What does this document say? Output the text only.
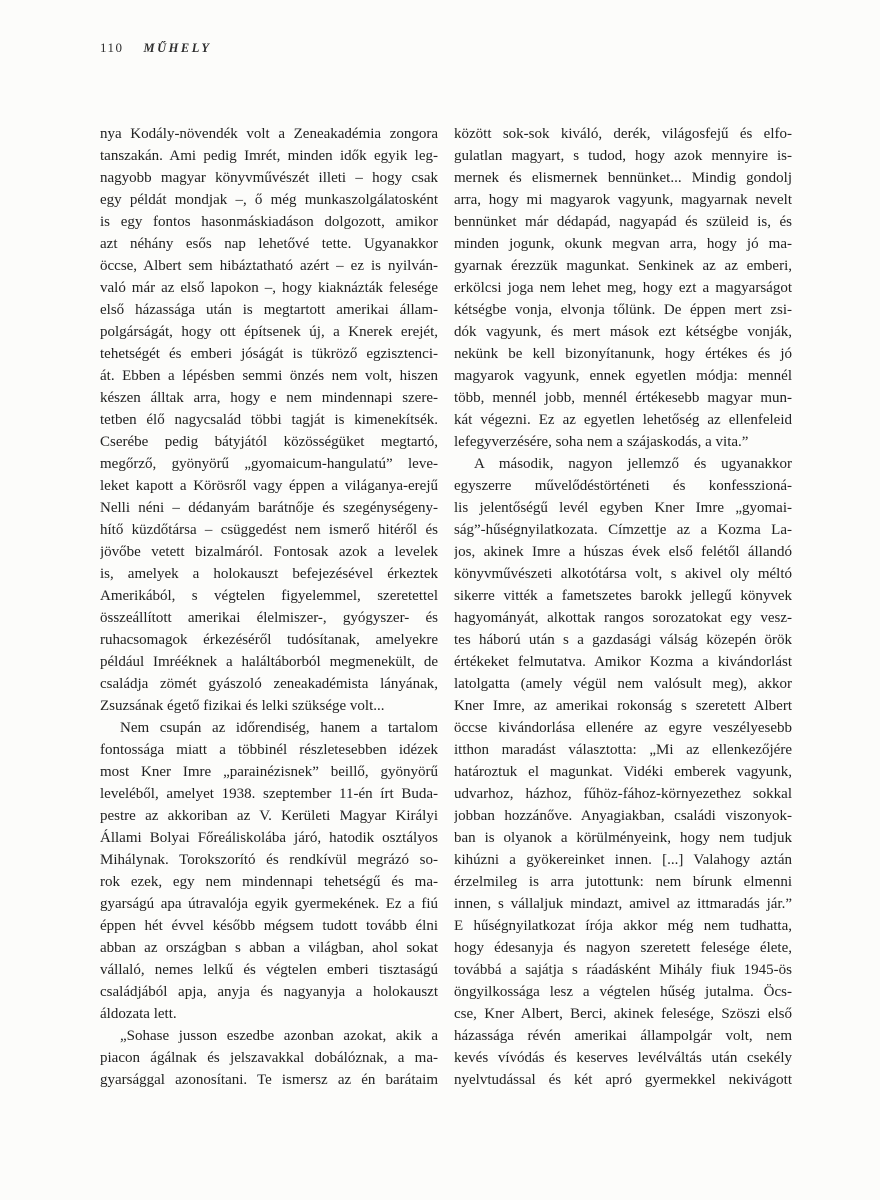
110 MŰHELY
nya Kodály-növendék volt a Zeneakadémia zongora
tanszakán. Ami pedig Imrét, minden idők egyik leg-
nagyobb magyar könyvművészét illeti – hogy csak
egy példát mondjak –, ő még munkaszolgálatosként
is egy fontos hasonmáskiadáson dolgozott, amikor
azt néhány esős nap lehetővé tette. Ugyanakkor
öccse, Albert sem hibáztatható azért – ez is nyilván-
való már az első lapokon –, hogy kiaknázták felesége
első házassága után is megtartott amerikai állam-
polgárságát, hogy ott építsenek új, a Knerek erejét,
tehetségét és emberi jóságát is tükröző egzisztenci-
át. Ebben a lépésben semmi önzés nem volt, hiszen
készen álltak arra, hogy e nem mindennapi szere-
tetben élő nagycsalád többi tagját is kimenekítsék.
Cserébe pedig bátyjától közösségüket megtartó,
megőrző, gyönyörű „gyomaicum-hangulatú” leve-
leket kapott a Körösről vagy éppen a világanya-erejű
Nelli néni – dédanyám barátnője és szegénységeny-
hítő küzdőtársa – csüggedést nem ismerő hitéről és
jövőbe vetett bizalmáról. Fontosak azok a levelek
is, amelyek a holokauszt befejezésével érkeztek
Amerikából, s végtelen figyelemmel, szeretettel
összeállított amerikai élelmiszer-, gyógyszer- és
ruhacsomagok érkezéséről tudósítanak, amelyekre
például Imrééknek a haláltáborból megmenekült, de
családja zömét gyászoló zeneakadémista lányának,
Zsuzsának égető fizikai és lelki szüksége volt...
Nem csupán az időrendiség, hanem a tartalom
fontossága miatt a többinél részletesebben idézek
most Kner Imre „parainézisnek” beillő, gyönyörű
leveléből, amelyet 1938. szeptember 11-én írt Buda-
pestre az akkoriban az V. Kerületi Magyar Királyi
Állami Bolyai Főreáliskolába járó, hatodik osztályos
Mihálynak. Torokszorító és rendkívül megrázó so-
rok ezek, egy nem mindennapi tehetségű és ma-
gyarságú apa útravalója egyik gyermekének. Ez a fiú
éppen hét évvel később mégsem tudott tovább élni
abban az országban s abban a világban, ahol sokat
vállaló, nemes lelkű és végtelen emberi tisztaságú
családjából apja, anyja és nagyanyja a holokauszt
áldozata lett.
„Sohase jusson eszedbe azonban azokat, akik a
piacon ágálnak és jelszavakkal dobálóznak, a ma-
gyarsággal azonosítani. Te ismersz az én barátaim
között sok-sok kiváló, derék, világosfejű és elfo-
gulatlan magyart, s tudod, hogy azok mennyire is-
mernek és elismernek bennünket... Mindig gondolj
arra, hogy mi magyarok vagyunk, magyarnak nevelt
bennünket már dédapád, nagyapád és szüleid is, és
minden jogunk, okunk megvan arra, hogy jó ma-
gyarnak érezzük magunkat. Senkinek az az emberi,
erkölcsi joga nem lehet meg, hogy ezt a magyarságot
kétségbe vonja, elvonja tőlünk. De éppen mert zsi-
dók vagyunk, és mert mások ezt kétségbe vonják,
nekünk be kell bizonyítanunk, hogy értékes és jó
magyarok vagyunk, ennek egyetlen módja: mennél
több, mennél jobb, mennél értékesebb magyar mun-
kát végezni. Ez az egyetlen lehetőség az ellenfeleid
lefegyverzésére, soha nem a szájaskodás, a vita.”
A második, nagyon jellemző és ugyanakkor
egyszerre művelődéstörténeti és konfesszioná-
lis jelentőségű levél egyben Kner Imre „gyomai-
ság”-hűségnyilatkozata. Címzettje az a Kozma La-
jos, akinek Imre a húszas évek első felétől állandó
könyvművészeti alkotótársa volt, s akivel oly méltó
sikerre vitték a fametszetes barokk jellegű könyvek
hagyományát, alkottak rangos sorozatokat egy vesz-
tes háború után s a gazdasági válság közepén örök
értékeket felmutatva. Amikor Kozma a kivándorlást
latolgatta (amely végül nem valósult meg), akkor
Kner Imre, az amerikai rokonság s szeretett Albert
öccse kivándorlása ellenére az egyre veszélyesebb
itthon maradást választotta: „Mi az ellenkezőjére
határoztuk el magunkat. Vidéki emberek vagyunk,
udvarhoz, házhoz, fűhöz-fához-környezethez sokkal
jobban hozzánőve. Anyagiakban, családi viszonyok-
ban is olyanok a körülményeink, hogy nem tudjuk
kihúzni a gyökereinket innen. [...] Valahogy aztán
érzelmileg is arra jutottunk: nem bírunk elmenni
innen, s vállaljuk mindazt, amivel az ittmaradás jár.”
E hűségnyilatkozat írója akkor még nem tudhatta,
hogy édesanyja és nagyon szeretett felesége élete,
továbbá a sajátja s ráadásként Mihály fiuk 1945-ös
öngyilkossága lesz a végtelen hűség jutalma. Öcs-
cse, Kner Albert, Berci, akinek felesége, Szöszi első
házassága révén amerikai állampolgár volt, nem
kevés vívódás és keserves levélváltás után csekély
nyelvtudással és két apró gyermekkel nekivágott
